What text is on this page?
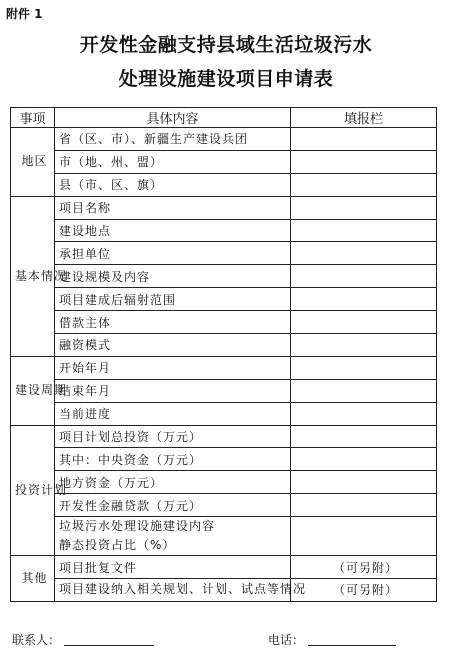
附件 1
开发性金融支持县域生活垃圾污水
处理设施建设项目申请表
事项	具体内容	填报栏
地区	省（区、市）、新疆生产建设兵团	
	市（地、州、盟）	
	县（市、区、旗）	
基本情况	项目名称	
	建设地点	
	承担单位	
	建设规模及内容	
	项目建成后辐射范围	
	借款主体	
	融资模式	
建设周期	开始年月	
	结束年月	
	当前进度	
投资计划	项目计划总投资（万元）	
	其中：中央资金（万元）	
	地方资金（万元）	
	开发性金融贷款（万元）	
	垃圾污水处理设施建设内容
静态投资占比（%）	
其他	项目批复文件	（可另附）
	项目建设纳入相关规划、计划、试点等情况	（可另附）
联系人：	电话：
